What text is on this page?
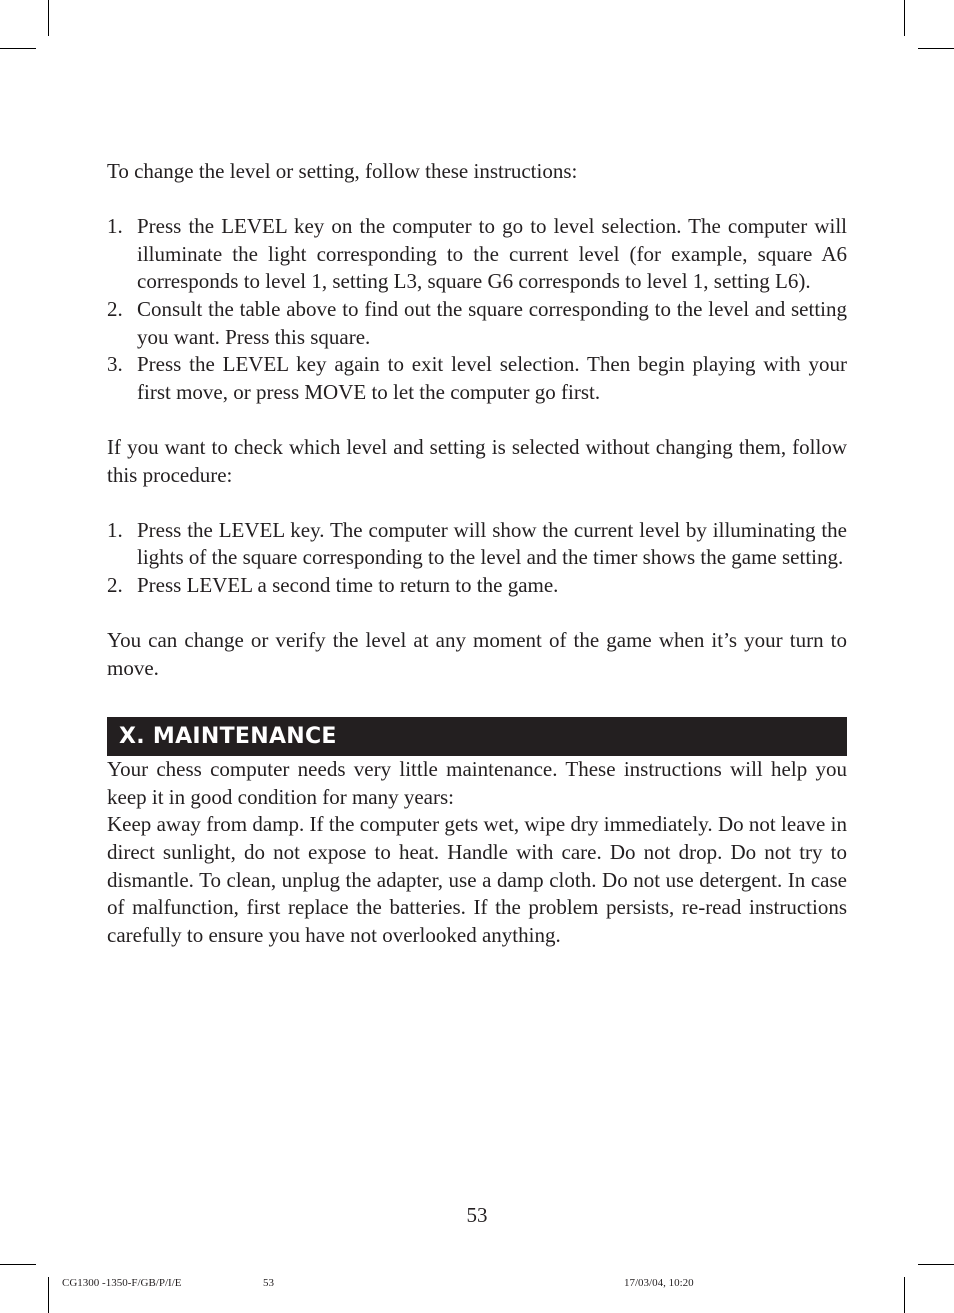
To change the level or setting, follow these instructions:

1. Press the LEVEL key on the computer to go to level selection. The computer will illuminate the light corresponding to the current level (for example, square A6 corresponds to level 1, setting L3, square G6 corresponds to level 1, setting L6).
2. Consult the table above to find out the square corresponding to the level and setting you want. Press this square.
3. Press the LEVEL key again to exit level selection. Then begin playing with your first move, or press MOVE to let the computer go first.

If you want to check which level and setting is selected without changing them, follow this procedure:

1. Press the LEVEL key. The computer will show the current level by illuminating the lights of the square corresponding to the level and the timer shows the game setting.
2. Press LEVEL a second time to return to the game.

You can change or verify the level at any moment of the game when it’s your turn to move.

X. MAINTENANCE

Your chess computer needs very little maintenance. These instructions will help you keep it in good condition for many years:

Keep away from damp. If the computer gets wet, wipe dry immediately. Do not leave in direct sunlight, do not expose to heat. Handle with care. Do not drop. Do not try to dismantle. To clean, unplug the adapter, use a damp cloth. Do not use detergent. In case of malfunction, first replace the batteries. If the problem persists, re-read instructions carefully to ensure you have not overlooked anything.

53
CG1300 -1350-F/GB/P/I/E	53	17/03/04, 10:20
